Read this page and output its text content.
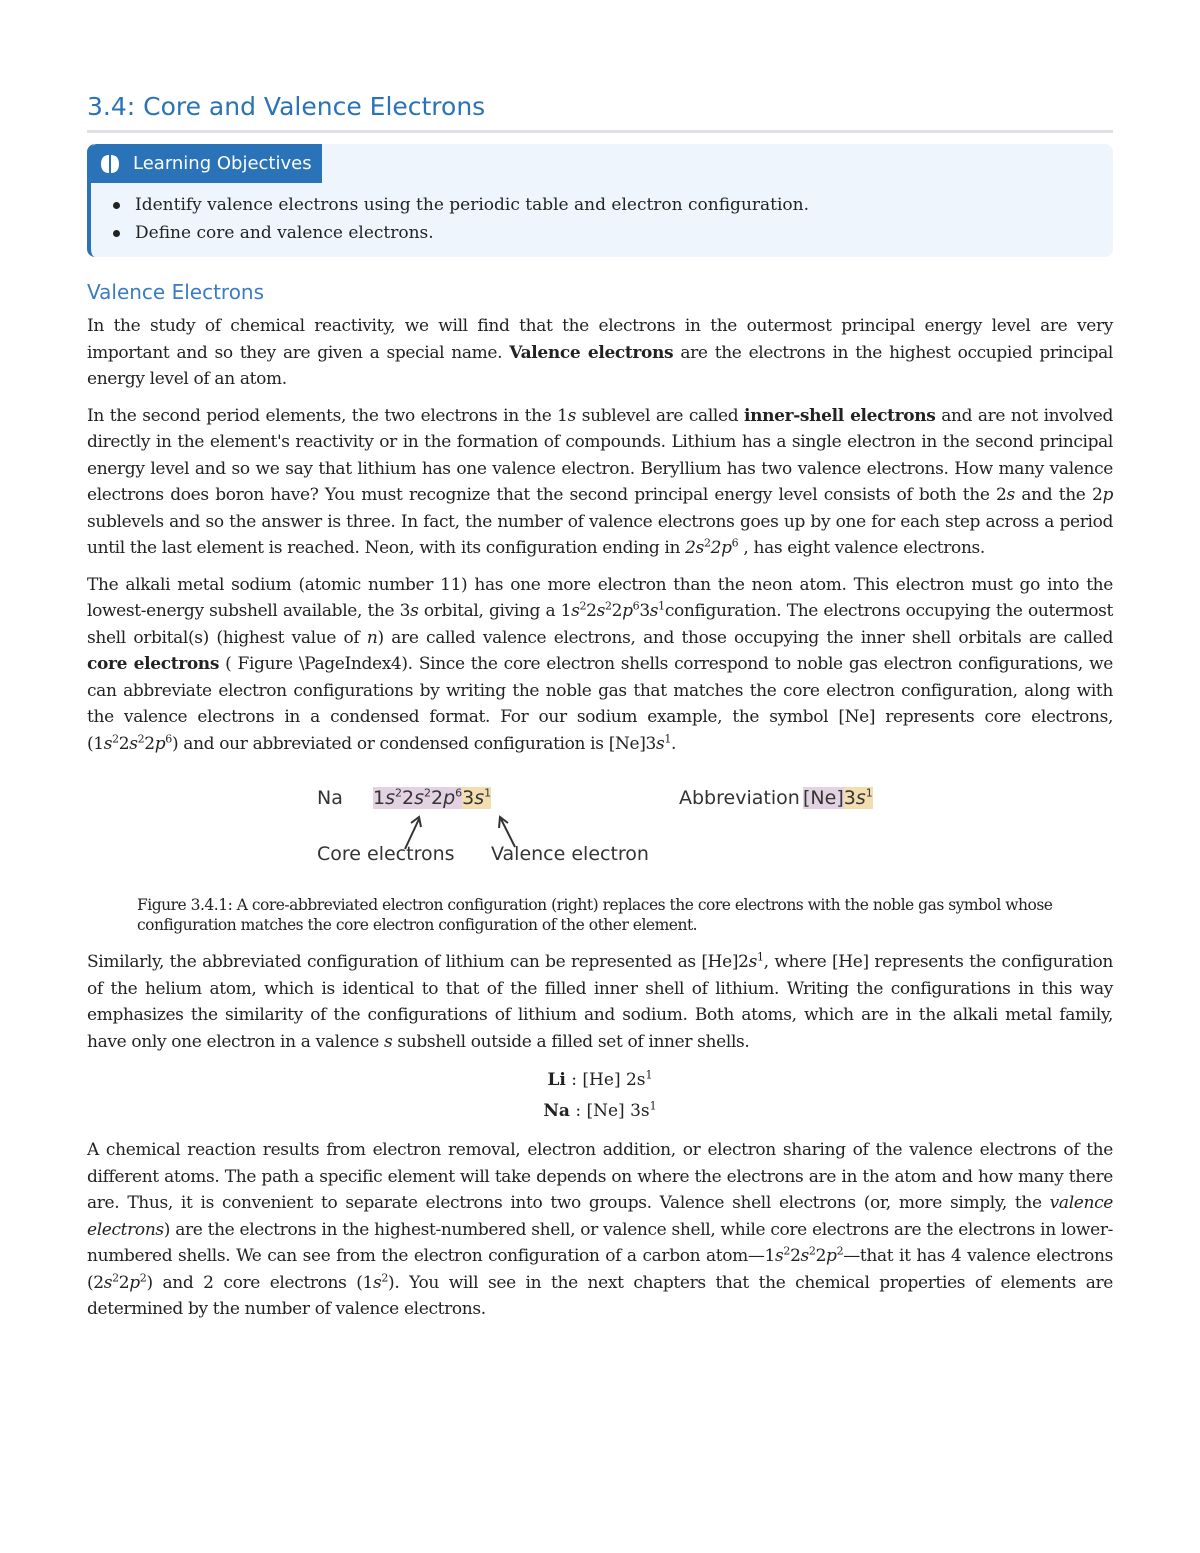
3.4: Core and Valence Electrons
Learning Objectives
Identify valence electrons using the periodic table and electron configuration.
Define core and valence electrons.
Valence Electrons

In the study of chemical reactivity, we will find that the electrons in the outermost principal energy level are very important and so they are given a special name. Valence electrons are the electrons in the highest occupied principal energy level of an atom.

In the second period elements, the two electrons in the 1s sublevel are called inner-shell electrons and are not involved directly in the element's reactivity or in the formation of compounds. Lithium has a single electron in the second principal energy level and so we say that lithium has one valence electron. Beryllium has two valence electrons. How many valence electrons does boron have? You must recognize that the second principal energy level consists of both the 2s and the 2p sublevels and so the answer is three. In fact, the number of valence electrons goes up by one for each step across a period until the last element is reached. Neon, with its configuration ending in $2s^22p^6$ , has eight valence electrons.

The alkali metal sodium (atomic number 11) has one more electron than the neon atom. This electron must go into the lowest-energy subshell available, the 3s orbital, giving a $1s^22s^22p^63s^1configuration$. The electrons occupying the outermost shell orbital(s) (highest value of n) are called valence electrons, and those occupying the inner shell orbitals are called core electrons ( Figure \PageIndex4). Since the core electron shells correspond to noble gas electron configurations, we can abbreviate electron configurations by writing the noble gas that matches the core electron configuration, along with the valence electrons in a condensed format. For our sodium example, the symbol [Ne] represents core electrons, $(1s^22s^22p^6)$ and our abbreviated or condensed configuration is $[Ne]3s^1$.

Na $1s^22s^22p^63s^1$	Abbreviation $[Ne]3s^1$
Core electrons Valence electron
Figure 3.4.1: A core-abbreviated electron configuration (right) replaces the core electrons with the noble gas symbol whose configuration matches the core electron configuration of the other element.

Similarly, the abbreviated configuration of lithium can be represented as $[He]2s^1$, where [He] represents the configuration of the helium atom, which is identical to that of the filled inner shell of lithium. Writing the configurations in this way emphasizes the similarity of the configurations of lithium and sodium. Both atoms, which are in the alkali metal family, have only one electron in a valence s subshell outside a filled set of inner shells.

Li : [He] $2s^1$
Na : [Ne] $3s^1$

A chemical reaction results from electron removal, electron addition, or electron sharing of the valence electrons of the different atoms. The path a specific element will take depends on where the electrons are in the atom and how many there are. Thus, it is convenient to separate electrons into two groups. Valence shell electrons (or, more simply, the valence electrons) are the electrons in the highest-numbered shell, or valence shell, while core electrons are the electrons in lower-numbered shells. We can see from the electron configuration of a carbon $atom—1s^22s^22p^2—that$ it has 4 valence electrons $(2s^22p^2)$ and 2 core electrons $(1s^2)$. You will see in the next chapters that the chemical properties of elements are determined by the number of valence electrons.
